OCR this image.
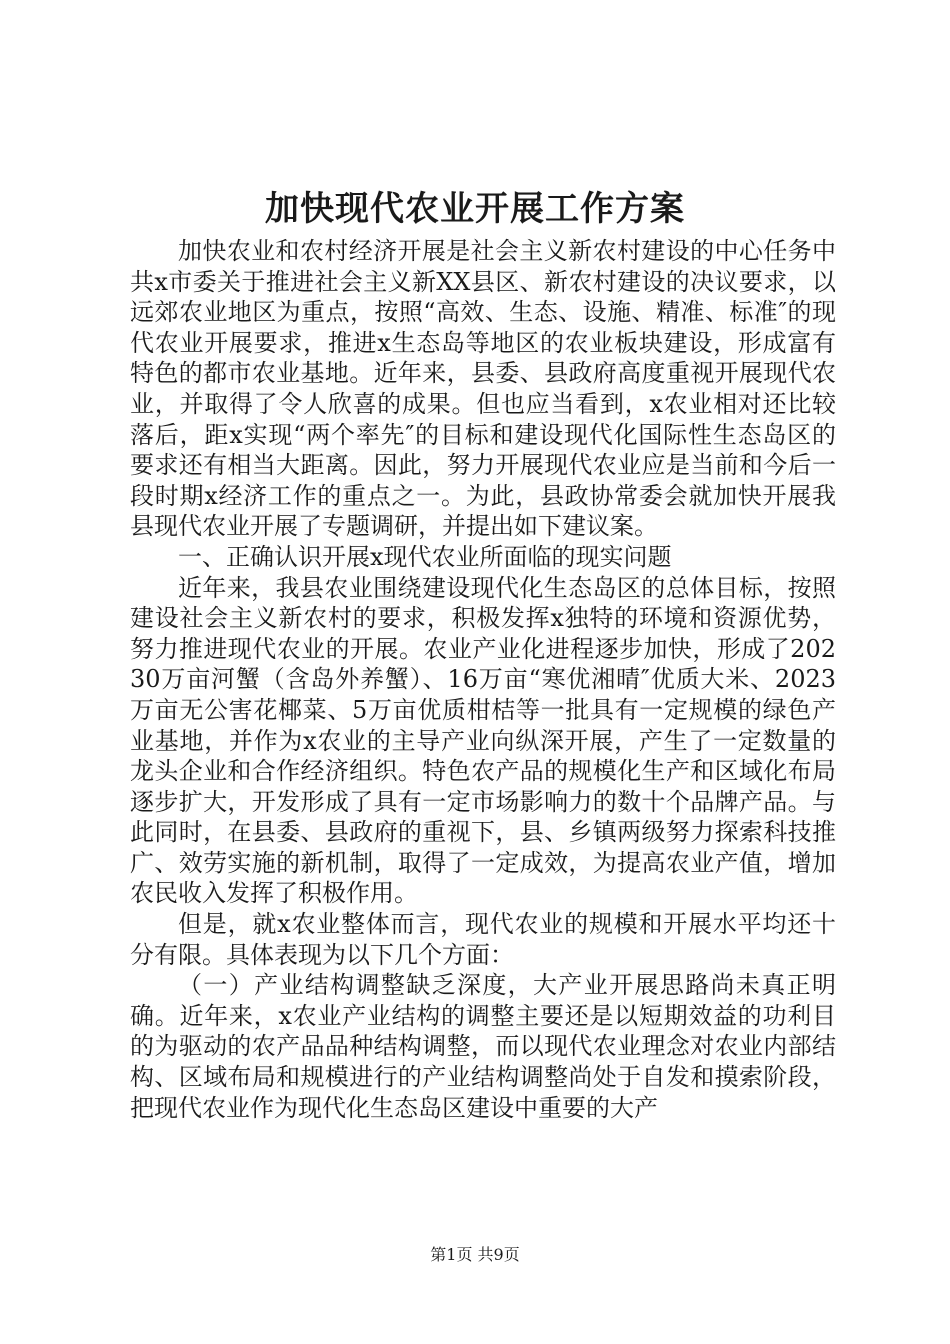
加快现代农业开展工作方案

加快农业和农村经济开展是社会主义新农村建设的中心任务中共x市委关于推进社会主义新XX县区、新农村建设的决议要求，以远郊农业地区为重点，按照“高效、生态、设施、精准、标准″的现代农业开展要求，推进x生态岛等地区的农业板块建设，形成富有特色的都市农业基地。近年来，县委、县政府高度重视开展现代农业，并取得了令人欣喜的成果。但也应当看到，x农业相对还比较落后，距x实现“两个率先″的目标和建设现代化国际性生态岛区的要求还有相当大距离。因此，努力开展现代农业应是当前和今后一段时期x经济工作的重点之一。为此，县政协常委会就加快开展我县现代农业开展了专题调研，并提出如下建议案。

一、正确认识开展x现代农业所面临的现实问题

近年来，我县农业围绕建设现代化生态岛区的总体目标，按照建设社会主义新农村的要求，积极发挥x独特的环境和资源优势，努力推进现代农业的开展。农业产业化进程逐步加快，形成了20230万亩河蟹（含岛外养蟹）、16万亩“寒优湘晴″优质大米、2023万亩无公害花椰菜、5万亩优质柑桔等一批具有一定规模的绿色产业基地，并作为x农业的主导产业向纵深开展，产生了一定数量的龙头企业和合作经济组织。特色农产品的规模化生产和区域化布局逐步扩大，开发形成了具有一定市场影响力的数十个品牌产品。与此同时，在县委、县政府的重视下，县、乡镇两级努力探索科技推广、效劳实施的新机制，取得了一定成效，为提高农业产值，增加农民收入发挥了积极作用。

但是，就x农业整体而言，现代农业的规模和开展水平均还十分有限。具体表现为以下几个方面：

（一）产业结构调整缺乏深度，大产业开展思路尚未真正明确。近年来，x农业产业结构的调整主要还是以短期效益的功利目的为驱动的农产品品种结构调整，而以现代农业理念对农业内部结构、区域布局和规模进行的产业结构调整尚处于自发和摸索阶段，把现代农业作为现代化生态岛区建设中重要的大产

第1页 共9页
